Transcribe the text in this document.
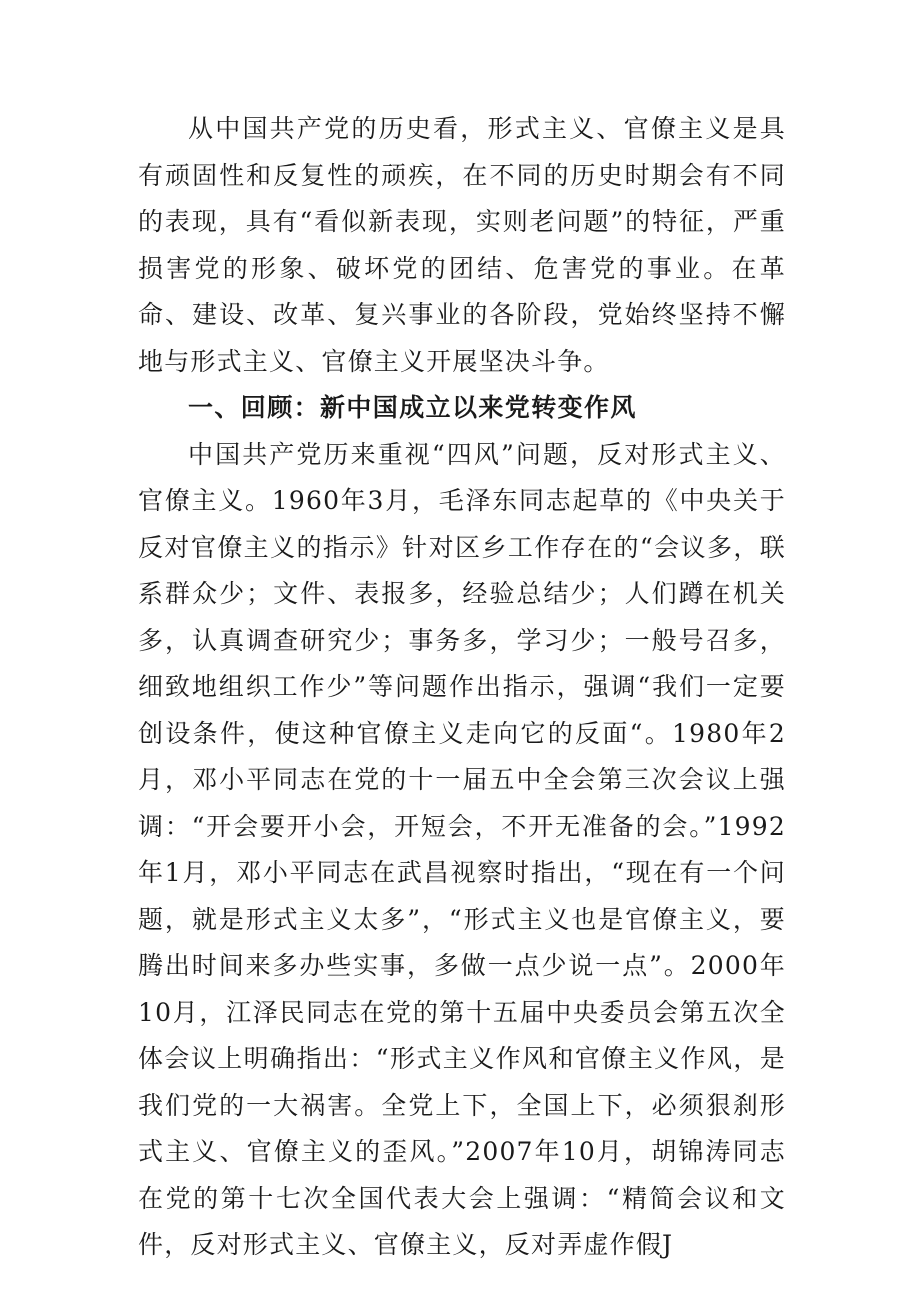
从中国共产党的历史看，形式主义、官僚主义是具有顽固性和反复性的顽疾，在不同的历史时期会有不同的表现，具有“看似新表现，实则老问题”的特征，严重损害党的形象、破坏党的团结、危害党的事业。在革命、建设、改革、复兴事业的各阶段，党始终坚持不懈地与形式主义、官僚主义开展坚决斗争。

一、回顾：新中国成立以来党转变作风

中国共产党历来重视“四风”问题，反对形式主义、官僚主义。1960年3月，毛泽东同志起草的《中央关于反对官僚主义的指示》针对区乡工作存在的“会议多，联系群众少；文件、表报多，经验总结少；人们蹲在机关多，认真调查研究少；事务多，学习少；一般号召多，细致地组织工作少”等问题作出指示，强调“我们一定要创设条件，使这种官僚主义走向它的反面“。1980年2月，邓小平同志在党的十一届五中全会第三次会议上强调：“开会要开小会，开短会，不开无准备的会。”1992年1月，邓小平同志在武昌视察时指出，“现在有一个问题，就是形式主义太多”，“形式主义也是官僚主义，要腾出时间来多办些实事，多做一点少说一点”。2000年10月，江泽民同志在党的第十五届中央委员会第五次全体会议上明确指出：“形式主义作风和官僚主义作风，是我们党的一大祸害。全党上下，全国上下，必须狠刹形式主义、官僚主义的歪风。”2007年10月，胡锦涛同志在党的第十七次全国代表大会上强调：“精简会议和文件，反对形式主义、官僚主义，反对弄虚作假J
